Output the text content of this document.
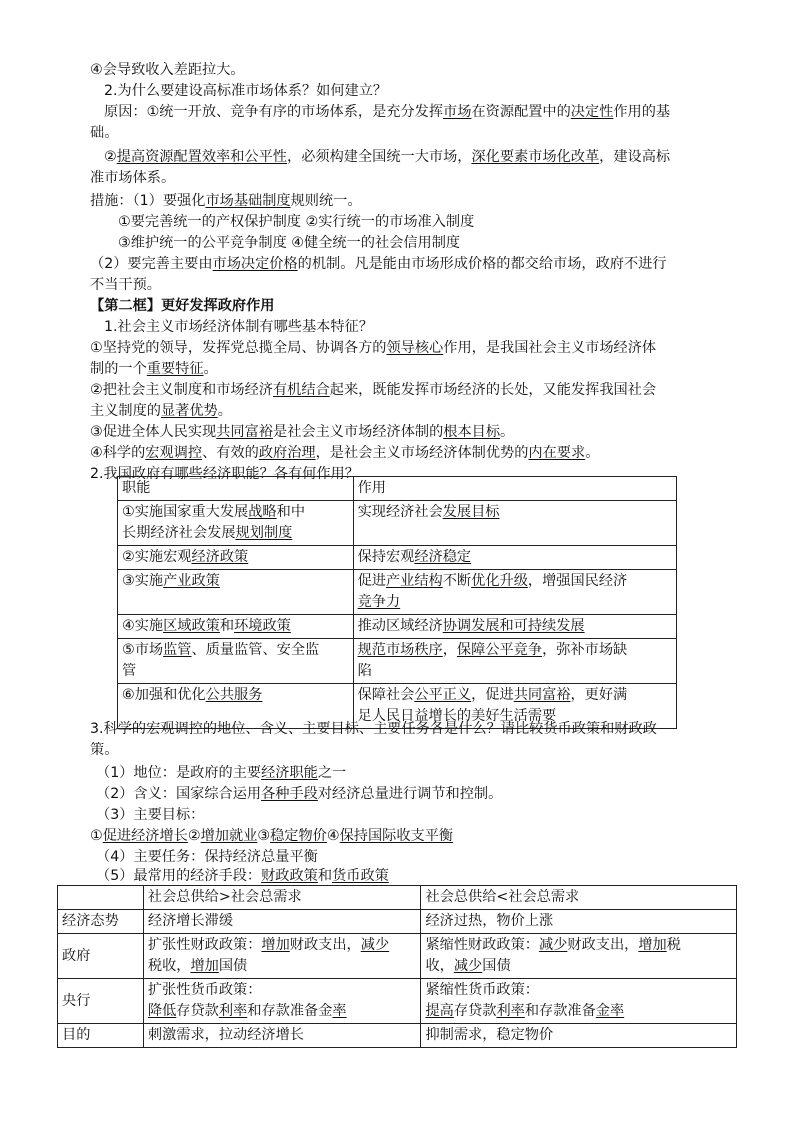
④会导致收入差距拉大。
2.为什么要建设高标准市场体系？如何建立？
原因：①统一开放、竞争有序的市场体系，是充分发挥市场在资源配置中的决定性作用的基
础。
②提高资源配置效率和公平性，必须构建全国统一大市场，深化要素市场化改革，建设高标
准市场体系。
措施：（1）要强化市场基础制度规则统一。
①要完善统一的产权保护制度 ②实行统一的市场准入制度
③维护统一的公平竞争制度 ④健全统一的社会信用制度
（2）要完善主要由市场决定价格的机制。凡是能由市场形成价格的都交给市场，政府不进行
不当干预。
【第二框】更好发挥政府作用
1.社会主义市场经济体制有哪些基本特征？
①坚持党的领导，发挥党总揽全局、协调各方的领导核心作用，是我国社会主义市场经济体
制的一个重要特征。
②把社会主义制度和市场经济有机结合起来，既能发挥市场经济的长处，又能发挥我国社会
主义制度的显著优势。
③促进全体人民实现共同富裕是社会主义市场经济体制的根本目标。
④科学的宏观调控、有效的政府治理，是社会主义市场经济体制优势的内在要求。
2.我国政府有哪些经济职能？各有何作用？
职能	作用
①实施国家重大发展战略和中
长期经济社会发展规划制度	实现经济社会发展目标
②实施宏观经济政策	保持宏观经济稳定
③实施产业政策	促进产业结构不断优化升级，增强国民经济
竞争力
④实施区域政策和环境政策	推动区域经济协调发展和可持续发展
⑤市场监管、质量监管、安全监
管	规范市场秩序，保障公平竞争，弥补市场缺
陷
⑥加强和优化公共服务	保障社会公平正义，促进共同富裕，更好满
足人民日益增长的美好生活需要
3.科学的宏观调控的地位、含义、主要目标、主要任务各是什么？请比较货币政策和财政政
策。
（1）地位：是政府的主要经济职能之一
（2）含义：国家综合运用各种手段对经济总量进行调节和控制。
（3）主要目标：
①促进经济增长②增加就业③稳定物价④保持国际收支平衡
（4）主要任务：保持经济总量平衡
（5）最常用的经济手段：财政政策和货币政策
	社会总供给>社会总需求	社会总供给<社会总需求
经济态势	经济增长滞缓	经济过热，物价上涨
政府	扩张性财政政策：增加财政支出，减少
税收，增加国债	紧缩性财政政策：减少财政支出，增加税
收，减少国债
央行	扩张性货币政策：
降低存贷款利率和存款准备金率	紧缩性货币政策：
提高存贷款利率和存款准备金率
目的	刺激需求，拉动经济增长	抑制需求，稳定物价
